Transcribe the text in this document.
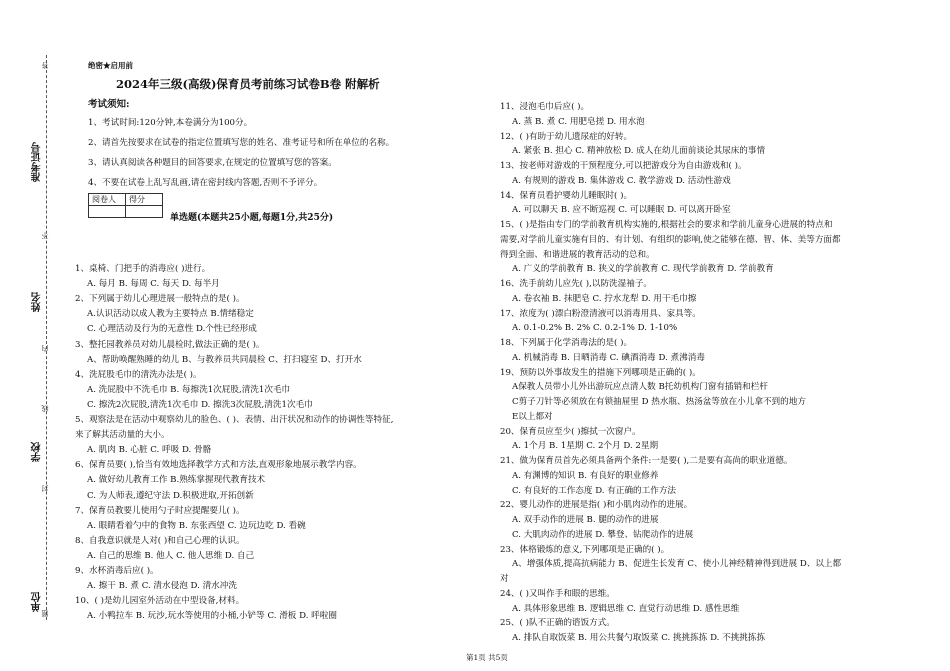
准考证号
姓名
学校
单位
答
不
内
线
封
题
绝密★启用前
2024年三级(高级)保育员考前练习试卷B卷 附解析
考试须知:
1、考试时间:120分钟,本卷满分为100分。
2、请首先按要求在试卷的指定位置填写您的姓名、准考证号和所在单位的名称。
3、请认真阅读各种题目的回答要求,在规定的位置填写您的答案。
4、不要在试卷上乱写乱画,请在密封线内答题,否则不予评分。
阅卷人	得分

单选题(本题共25小题,每题1分,共25分)
1、桌椅、门把手的消毒应( )进行。
A. 每月 B. 每周 C. 每天 D. 每半月
2、下列属于幼儿心理进展一般特点的是( )。
A.认识活动以成人教为主要特点 B.情绪稳定
C. 心理活动及行为的无意性 D.个性已经形成
3、整托园教养员对幼儿晨检时,做法正确的是( )。
A、帮助唤醒熟睡的幼儿 B、与教养员共同晨检 C、打扫寝室 D、打开水
4、洗屁股毛巾的清洗办法是( )。
A. 洗屁股中不洗毛巾 B. 每擦洗1次屁股,清洗1次毛巾
C. 擦洗2次屁股,清洗1次毛巾 D. 擦洗3次屁股,清洗1次毛巾
5、观察法是在活动中观察幼儿的脸色、( )、表情、出汗状况和动作的协调性等特征,
来了解其活动量的大小。
A. 肌肉 B. 心脏 C. 呼吸 D. 骨骼
6、保育员要( ),恰当有效地选择教学方式和方法,直观形象地展示教学内容。
A. 做好幼儿教育工作 B.熟练掌握现代教育技术
C. 为人师表,遵纪守法 D.积极进取,开拓创新
7、保育员教要儿使用勺子时应提醒要儿( )。
A. 眼睛看着勺中的食物 B. 东张西望 C. 边玩边吃 D. 看碗
8、自我意识就是人对( )和自己心理的认识。
A. 自己的思维 B. 他人 C. 他人思维 D. 自己
9、水杯消毒后应( )。
A. 擦干 B. 煮 C. 清水侵泡 D. 清水冲洗
10、( )是幼儿园室外活动在中型设备,材料。
A. 小鸭拉车 B. 玩沙,玩水等使用的小桶,小铲等 C. 滑板 D. 呼啦圈
11、浸泡毛巾后应( )。
A. 蒸 B. 煮 C. 用肥皂搓 D. 用水泡
12、( )有助于幼儿遗尿症的好转。
A. 紧张 B. 担心 C. 精神放松 D. 成人在幼儿面前谈论其尿床的事情
13、按老师对游戏的干预程度分,可以把游戏分为自由游戏和( )。
A. 有规则的游戏 B. 集体游戏 C. 教学游戏 D. 活动性游戏
14、保育员看护婴幼儿睡眠时( )。
A. 可以聊天 B. 应不断巡视 C. 可以睡眠 D. 可以离开卧室
15、( )是指由专门的学前教育机构实施的,根据社会的要求和学前儿童身心进展的特点和
需要,对学前儿童实施有目的、有计划、有组织的影响,使之能够在德、智、体、美等方面都
得到全面、和谐进展的教育活动的总和。
A. 广义的学前教育 B. 狭义的学前教育 C. 现代学前教育 D. 学前教育
16、洗手前幼儿应先( ),以防洗湿袖子。
A. 卷衣袖 B. 抹肥皂 C. 拧水龙犁 D. 用干毛巾擦
17、浓度为( )漂白粉澄清液可以消毒用具、家具等。
A. 0.1-0.2% B. 2% C. 0.2-1% D. 1-10%
18、下列属于化学消毒法的是( )。
A. 机械消毒 B. 日晒消毒 C. 碘酒消毒 D. 煮沸消毒
19、预防以外事故发生的措施下列哪项是正确的( )。
A保教人员带小儿外出游玩应点清人数 B托幼机构门窗有插销和栏杆
C剪子刀针等必须放在有锁抽屉里 D 热水瓶、热汤盆等放在小儿拿不到的地方
E以上都对
20、保育员应至少( )擦拭一次窗户。
A. 1个月 B. 1星期 C. 2个月 D. 2星期
21、做为保育员首先必须具备两个条件:一是要( ),二是要有高尚的职业道德。
A. 有渊博的知识 B. 有良好的职业修养
C. 有良好的工作态度 D. 有正确的工作方法
22、婴儿动作的进展是指( )和小肌肉动作的进展。
A. 双手动作的进展 B. 腿的动作的进展
C. 大肌肉动作的进展 D. 攀登、钻爬动作的进展
23、体格锻炼的意义,下列哪项是正确的( )。
A、增强体质,提高抗病能力 B、促进生长发育 C、使小儿神经精神得到进展 D、以上都
对
24、( )又叫作手和眼的思维。
A. 具体形象思维 B. 逻辑思维 C. 直觉行动思维 D. 感性思维
25、( )队不正确的谘饭方式。
A. 排队自取饭菜 B. 用公共餐勺取饭菜 C. 挑挑拣拣 D. 不挑挑拣拣
第1页 共5页
